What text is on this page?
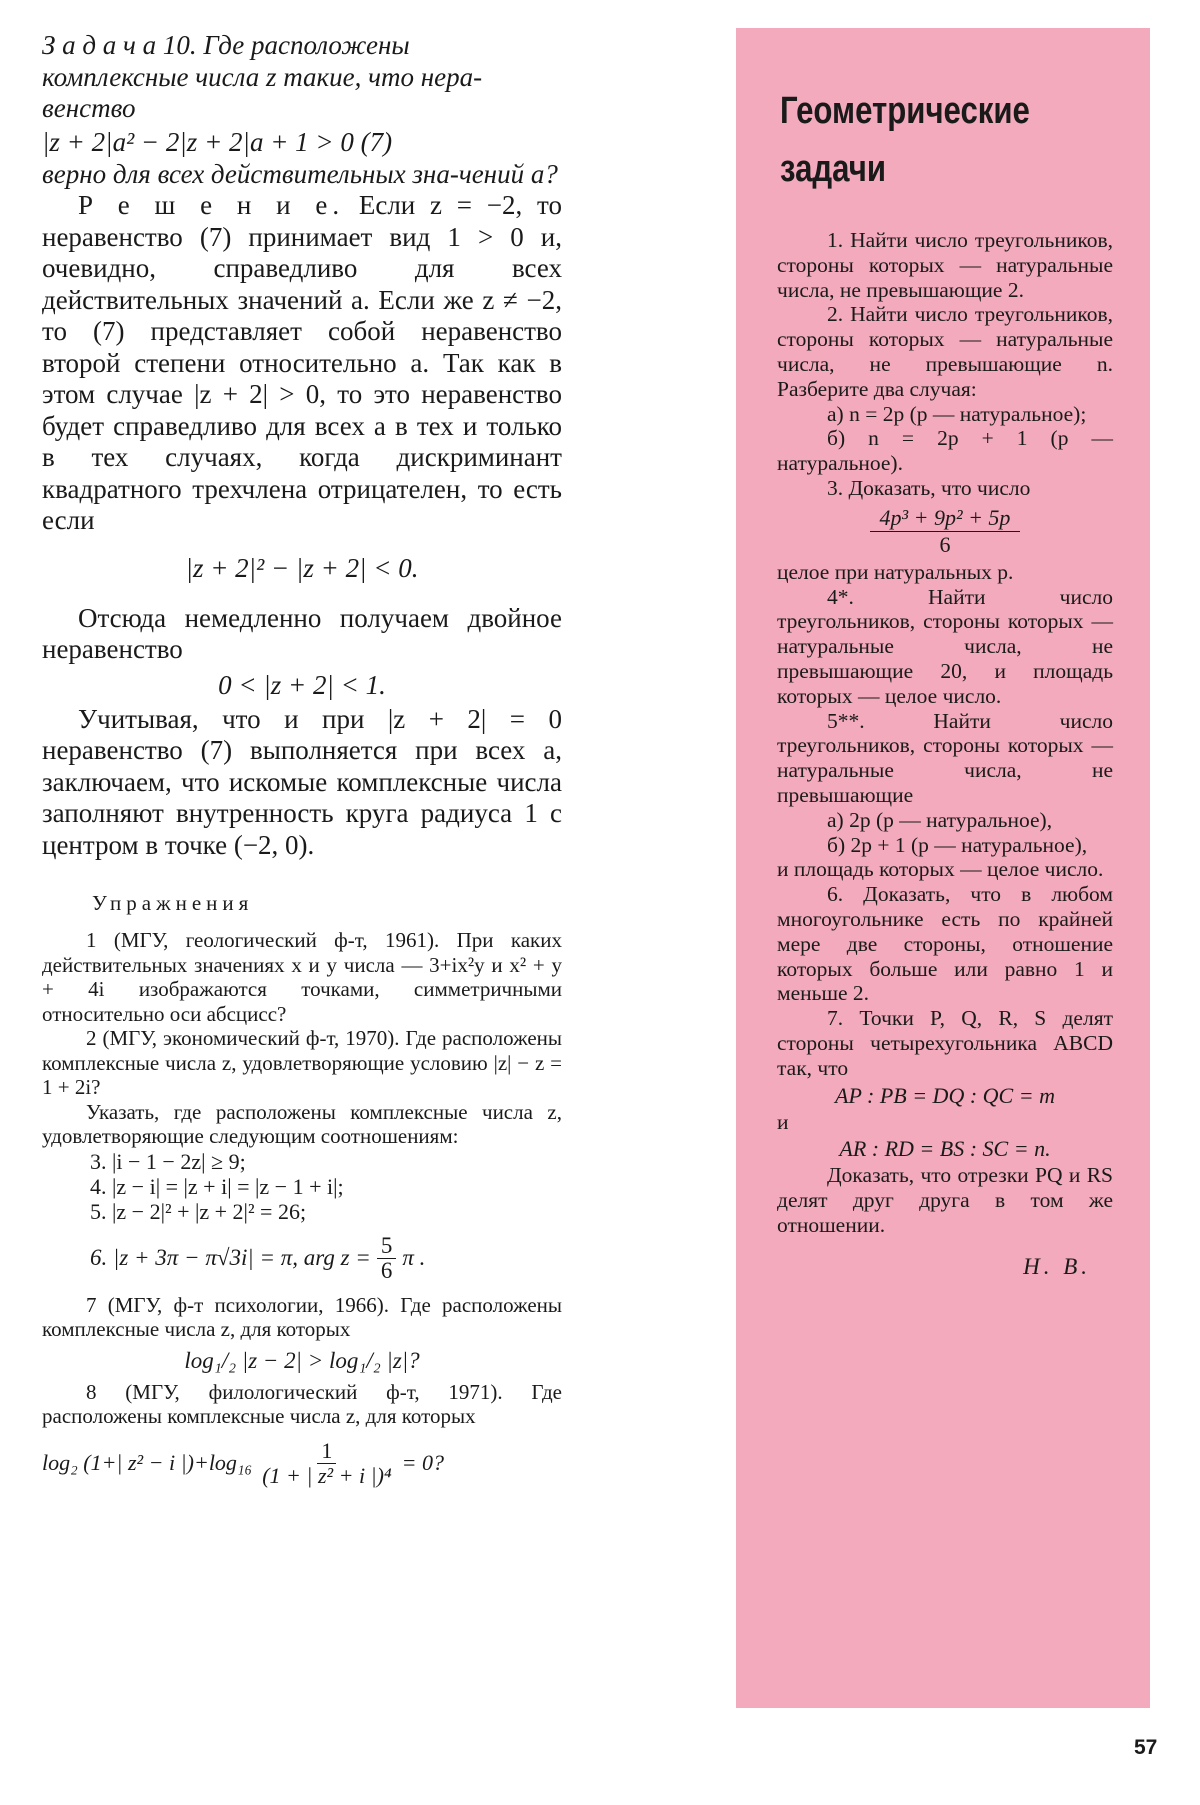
З а д а ч а 10. Где расположены

комплексные числа z такие, что нера-

венство

|z + 2|a² − 2|z + 2|a + 1 > 0 (7)

верно для всех действительных зна-чений a?

Р е ш е н и е. Если z = −2, то неравенство (7) принимает вид 1 > 0 и, очевидно, справедливо для всех действительных значений a. Если же z ≠ −2, то (7) представляет собой неравенство второй степени относительно a. Так как в этом случае |z + 2| > 0, то это неравенство будет справедливо для всех a в тех и только в тех случаях, когда дискриминант квадратного трехчлена отрицателен, то есть если

|z + 2|² − |z + 2| < 0.

Отсюда немедленно получаем двойное неравенство

0 < |z + 2| < 1.

Учитывая, что и при |z + 2| = 0 неравенство (7) выполняется при всех a, заключаем, что искомые комплексные числа заполняют внутренность круга радиуса 1 с центром в точке (−2, 0).

Упражнения

1 (МГУ, геологический ф-т, 1961). При каких действительных значениях x и y числа — 3+ix²y и x² + y + 4i изображаются точками, симметричными относительно оси абсцисс?

2 (МГУ, экономический ф-т, 1970). Где расположены комплексные числа z, удовлетворяющие условию |z| − z = 1 + 2i?

Указать, где расположены комплексные числа z, удовлетворяющие следующим соотношениям:

3. |i − 1 − 2z| ≥ 9;

4. |z − i| = |z + i| = |z − 1 + i|;

5. |z − 2|² + |z + 2|² = 26;

6. |z + 3π − π√3i| = π, arg $z = \frac{5}{6}$ π .

7 (МГУ, ф-т психологии, 1966). Где расположены комплексные числа z, для которых

log₁/₂ |z − 2| > log₁/₂ |z|?

8 (МГУ, филологический ф-т, 1971). Где расположены комплексные числа z, для которых

log₂ (1+| z² − i $|)+\log_{16} \frac{1}{\text{(1 + | z² + i |)⁴}} = 0$?
Геометрические задачи

1. Найти число треугольников, стороны которых — натуральные числа, не превышающие 2.

2. Найти число треугольников, стороны которых — натуральные числа, не превышающие n. Разберите два случая:

а) n = 2p (p — натуральное);

б) n = 2p + 1 (p — натуральное).

3. Доказать, что число

4p³ + 9p² + 5p
6

целое при натуральных p.

4*. Найти число треугольников, стороны которых — натуральные числа, не превышающие 20, и площадь которых — целое число.

5**. Найти число треугольников, стороны которых — натуральные числа, не превышающие

а) 2p (p — натуральное),

б) 2p + 1 (p — натуральное),

и площадь которых — целое число.

6. Доказать, что в любом многоугольнике есть по крайней мере две стороны, отношение которых больше или равно 1 и меньше 2.

7. Точки P, Q, R, S делят стороны четырехугольника ABCD так, что

AP : PB = DQ : QC = m

и

AR : RD = BS : SC = n.

Доказать, что отрезки PQ и RS делят друг друга в том же отношении.

Н. В.
57
